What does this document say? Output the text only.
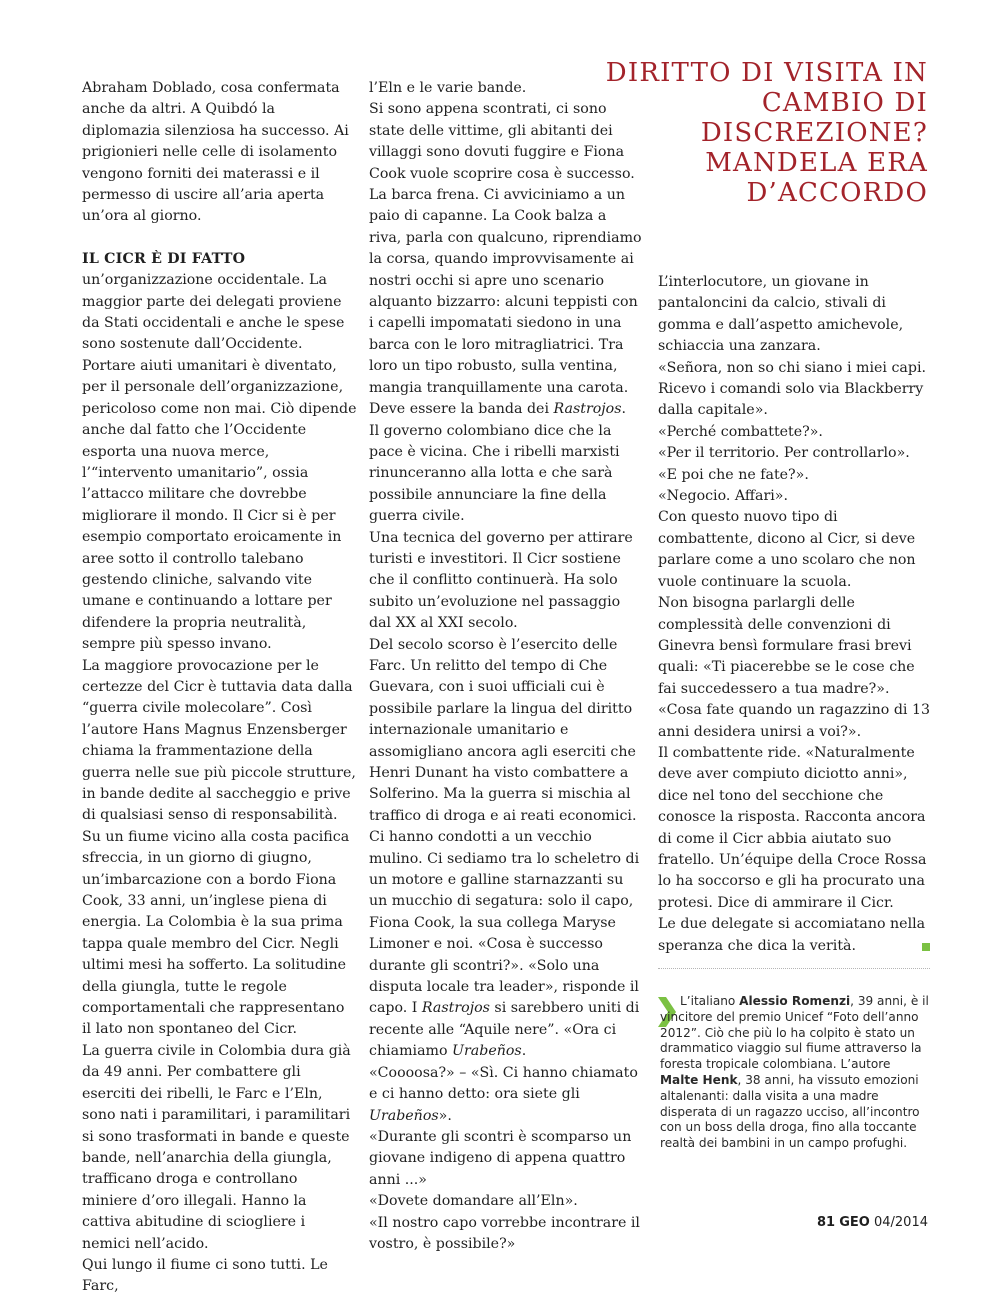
DIRITTO DI VISITA IN CAMBIO DI DISCREZIONE? MANDELA ERA D’ACCORDO

Abraham Doblado, cosa confermata anche da altri. A Quibdó la diplomazia silenziosa ha successo. Ai prigionieri nelle celle di isolamento vengono forniti dei materassi e il permesso di uscire all’aria aperta un’ora al giorno.

IL CICR È DI FATTO un’organizzazione occidentale. La maggior parte dei delegati proviene da Stati occidentali e anche le spese sono sostenute dall’Occidente. Portare aiuti umanitari è diventato, per il personale dell’organizzazione, pericoloso come non mai. Ciò dipende anche dal fatto che l’Occidente esporta una nuova merce, l’“intervento umanitario”, ossia l’attacco militare che dovrebbe migliorare il mondo. Il Cicr si è per esempio comportato eroicamente in aree sotto il controllo talebano gestendo cliniche, salvando vite umane e continuando a lottare per difendere la propria neutralità, sempre più spesso invano.

La maggiore provocazione per le certezze del Cicr è tuttavia data dalla “guerra civile molecolare”. Così l’autore Hans Magnus Enzensberger chiama la frammentazione della guerra nelle sue più piccole strutture, in bande dedite al saccheggio e prive di qualsiasi senso di responsabilità.

Su un fiume vicino alla costa pacifica sfreccia, in un giorno di giugno, un’imbarcazione con a bordo Fiona Cook, 33 anni, un’inglese piena di energia. La Colombia è la sua prima tappa quale membro del Cicr. Negli ultimi mesi ha sofferto. La solitudine della giungla, tutte le regole comportamentali che rappresentano il lato non spontaneo del Cicr.

La guerra civile in Colombia dura già da 49 anni. Per combattere gli eserciti dei ribelli, le Farc e l’Eln, sono nati i paramilitari, i paramilitari si sono trasformati in bande e queste bande, nell’anarchia della giungla, trafficano droga e controllano miniere d’oro illegali. Hanno la cattiva abitudine di sciogliere i nemici nell’acido.

Qui lungo il fiume ci sono tutti. Le Farc,

l’Eln e le varie bande.

Si sono appena scontrati, ci sono state delle vittime, gli abitanti dei villaggi sono dovuti fuggire e Fiona Cook vuole scoprire cosa è successo. La barca frena. Ci avviciniamo a un paio di capanne. La Cook balza a riva, parla con qualcuno, riprendiamo la corsa, quando improvvisamente ai nostri occhi si apre uno scenario alquanto bizzarro: alcuni teppisti con i capelli impomatati siedono in una barca con le loro mitragliatrici. Tra loro un tipo robusto, sulla ventina, mangia tranquillamente una carota. Deve essere la banda dei Rastrojos.

Il governo colombiano dice che la pace è vicina. Che i ribelli marxisti rinunceranno alla lotta e che sarà possibile annunciare la fine della guerra civile.

Una tecnica del governo per attirare turisti e investitori. Il Cicr sostiene che il conflitto continuerà. Ha solo subito un’evoluzione nel passaggio dal XX al XXI secolo.

Del secolo scorso è l’esercito delle Farc. Un relitto del tempo di Che Guevara, con i suoi ufficiali cui è possibile parlare la lingua del diritto internazionale umanitario e assomigliano ancora agli eserciti che Henri Dunant ha visto combattere a Solferino. Ma la guerra si mischia al traffico di droga e ai reati economici.

Ci hanno condotti a un vecchio mulino. Ci sediamo tra lo scheletro di un motore e galline starnazzanti su un mucchio di segatura: solo il capo, Fiona Cook, la sua collega Maryse Limoner e noi. «Cosa è successo durante gli scontri?». «Solo una disputa locale tra leader», risponde il capo. I Rastrojos si sarebbero uniti di recente alle “Aquile nere”. «Ora ci chiamiamo Urabeños.

«Coooosa?» – «Sì. Ci hanno chiamato e ci hanno detto: ora siete gli Urabeños».

«Durante gli scontri è scomparso un giovane indigeno di appena quattro anni ...»

«Dovete domandare all’Eln».

«Il nostro capo vorrebbe incontrare il vostro, è possibile?»

L’interlocutore, un giovane in pantaloncini da calcio, stivali di gomma e dall’aspetto amichevole, schiaccia una zanzara.

«Señora, non so chi siano i miei capi. Ricevo i comandi solo via Blackberry dalla capitale».

«Perché combattete?».

«Per il territorio. Per controllarlo».

«E poi che ne fate?».

«Negocio. Affari».

Con questo nuovo tipo di combattente, dicono al Cicr, si deve parlare come a uno scolaro che non vuole continuare la scuola.

Non bisogna parlargli delle complessità delle convenzioni di Ginevra bensì formulare frasi brevi quali: «Ti piacerebbe se le cose che fai succedessero a tua madre?».

«Cosa fate quando un ragazzino di 13 anni desidera unirsi a voi?».

Il combattente ride. «Naturalmente deve aver compiuto diciotto anni», dice nel tono del secchione che conosce la risposta. Racconta ancora di come il Cicr abbia aiutato suo fratello. Un’équipe della Croce Rossa lo ha soccorso e gli ha procurato una protesi. Dice di ammirare il Cicr.

Le due delegate si accomiatano nella speranza che dica la verità.

L’italiano Alessio Romenzi, 39 anni, è il vincitore del premio Unicef “Foto dell’anno 2012”. Ciò che più lo ha colpito è stato un drammatico viaggio sul fiume attraverso la foresta tropicale colombiana. L’autore Malte Henk, 38 anni, ha vissuto emozioni altalenanti: dalla visita a una madre disperata di un ragazzo ucciso, all’incontro con un boss della droga, fino alla toccante realtà dei bambini in un campo profughi.

81 GEO 04/2014
